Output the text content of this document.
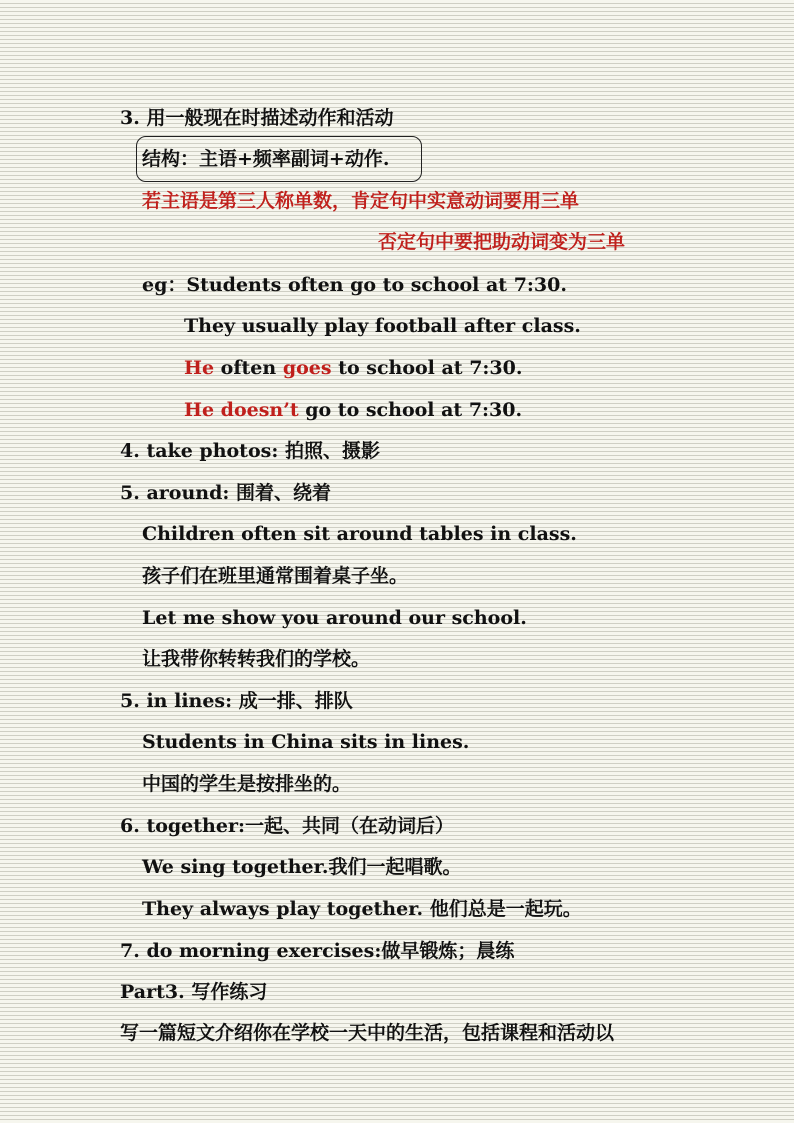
3. 用一般现在时描述动作和活动
结构：主语+频率副词+动作.
若主语是第三人称单数，肯定句中实意动词要用三单
否定句中要把助动词变为三单
eg：Students often go to school at 7:30.
They usually play football after class.
He often goes to school at 7:30.
He doesn’t go to school at 7:30.
4. take photos: 拍照、摄影
5. around: 围着、绕着
Children often sit around tables in class.
孩子们在班里通常围着桌子坐。
Let me show you around our school.
让我带你转转我们的学校。
5. in lines: 成一排、排队
Students in China sits in lines.
中国的学生是按排坐的。
6. together:一起、共同（在动词后）
We sing together.我们一起唱歌。
They always play together. 他们总是一起玩。
7. do morning exercises:做早锻炼；晨练
Part3. 写作练习
写一篇短文介绍你在学校一天中的生活，包括课程和活动以
